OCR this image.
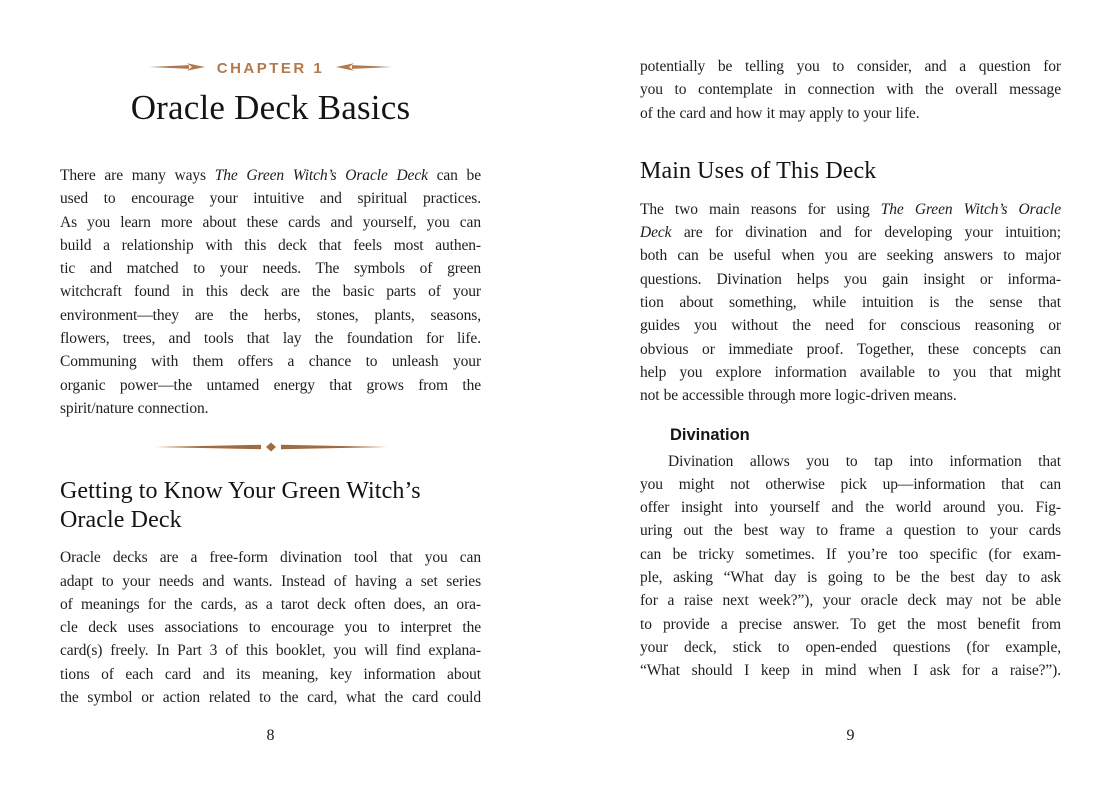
CHAPTER 1
Oracle Deck Basics
There are many ways The Green Witch’s Oracle Deck can be
used to encourage your intuitive and spiritual practices.
As you learn more about these cards and yourself, you can
build a relationship with this deck that feels most authen-
tic and matched to your needs. The symbols of green
witchcraft found in this deck are the basic parts of your
environment—they are the herbs, stones, plants, seasons,
flowers, trees, and tools that lay the foundation for life.
Communing with them offers a chance to unleash your
organic power—the untamed energy that grows from the
spirit/nature connection.
Getting to Know Your Green Witch’s
Oracle Deck
Oracle decks are a free-form divination tool that you can
adapt to your needs and wants. Instead of having a set series
of meanings for the cards, as a tarot deck often does, an ora-
cle deck uses associations to encourage you to interpret the
card(s) freely. In Part 3 of this booklet, you will find explana-
tions of each card and its meaning, key information about
the symbol or action related to the card, what the card could
8
potentially be telling you to consider, and a question for
you to contemplate in connection with the overall message
of the card and how it may apply to your life.
Main Uses of This Deck
The two main reasons for using The Green Witch’s Oracle
Deck are for divination and for developing your intuition;
both can be useful when you are seeking answers to major
questions. Divination helps you gain insight or informa-
tion about something, while intuition is the sense that
guides you without the need for conscious reasoning or
obvious or immediate proof. Together, these concepts can
help you explore information available to you that might
not be accessible through more logic-driven means.
Divination
Divination allows you to tap into information that
you might not otherwise pick up—information that can
offer insight into yourself and the world around you. Fig-
uring out the best way to frame a question to your cards
can be tricky sometimes. If you’re too specific (for exam-
ple, asking “What day is going to be the best day to ask
for a raise next week?”), your oracle deck may not be able
to provide a precise answer. To get the most benefit from
your deck, stick to open-ended questions (for example,
“What should I keep in mind when I ask for a raise?”).
9
